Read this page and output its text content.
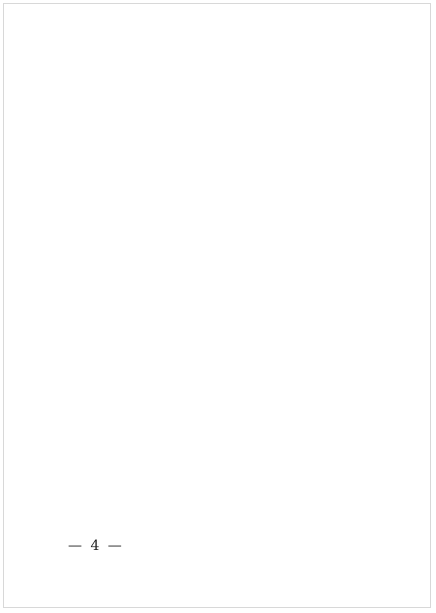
— 4 —
